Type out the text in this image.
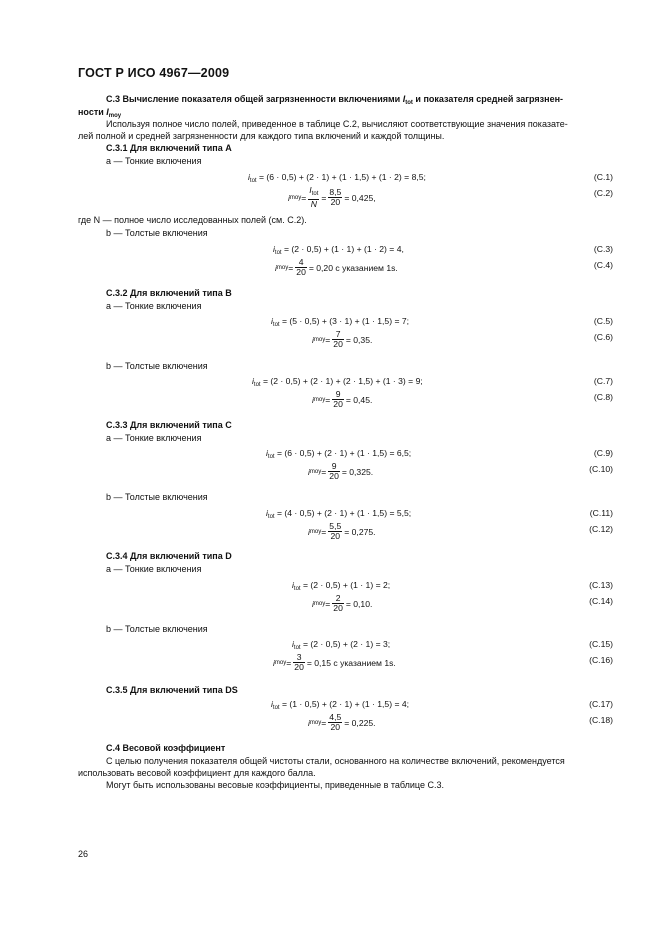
ГОСТ Р ИСО 4967—2009
С.3 Вычисление показателя общей загрязненности включениями $I_{tot}$ и показателя средней загрязнен-
ности $I_{moy}$
Используя полное число полей, приведенное в таблице С.2, вычисляют соответствующие значения показате-
лей полной и средней загрязненности для каждого типа включений и каждой толщины.
С.3.1 Для включений типа А
а — Тонкие включения
$i_{tot} = (6 \cdot 0,5) + (2 \cdot 1) + (1 \cdot 1,5) + (1 \cdot 2) = 8,5$;	(С.1)
i moy = $\frac{I_{tot}}{N} = \frac{8,5}{20} = 0,425$,	(С.2)
где N — полное число исследованных полей (см. С.2).
b — Толстые включения
$i_{tot} = (2 \cdot 0,5) + (1 \cdot 1) + (1 \cdot 2) = 4$,	(С.3)
i moy = $\frac{4}{20} = 0,20$ с указанием 1s.	(С.4)
С.3.2 Для включений типа В
а — Тонкие включения
$i_{tot} = (5 \cdot 0,5) + (3 \cdot 1) + (1 \cdot 1,5) = 7$;	(С.5)
i moy = $\frac{7}{20} = 0,35$.	(С.6)
b — Толстые включения
$i_{tot} = (2 \cdot 0,5) + (2 \cdot 1) + (2 \cdot 1,5) + (1 \cdot 3) = 9$;	(С.7)
i moy = $\frac{9}{20} = 0,45$.	(С.8)
С.3.3 Для включений типа С
а — Тонкие включения
$i_{tot} = (6 \cdot 0,5) + (2 \cdot 1) + (1 \cdot 1,5) = 6,5$;	(С.9)
i moy = $\frac{9}{20} = 0,325$.	(С.10)
b — Толстые включения
$i_{tot} = (4 \cdot 0,5) + (2 \cdot 1) + (1 \cdot 1,5) = 5,5$;	(С.11)
i moy = $\frac{5,5}{20} = 0,275$.	(С.12)
С.3.4 Для включений типа D
а — Тонкие включения
$i_{tot} = (2 \cdot 0,5) + (1 \cdot 1) = 2$;	(С.13)
i moy = $\frac{2}{20} = 0,10$.	(С.14)
b — Толстые включения
$i_{tot} = (2 \cdot 0,5) + (2 \cdot 1) = 3$;	(С.15)
i moy = $\frac{3}{20} = 0,15$ с указанием 1s.	(С.16)
С.3.5 Для включений типа DS
$i_{tot} = (1 \cdot 0,5) + (2 \cdot 1) + (1 \cdot 1,5) = 4$;	(С.17)
i moy = $\frac{4,5}{20} = 0,225$.	(С.18)
С.4 Весовой коэффициент
С целью получения показателя общей чистоты стали, основанного на количестве включений, рекомендуется
использовать весовой коэффициент для каждого балла.
Могут быть использованы весовые коэффициенты, приведенные в таблице С.3.
26
